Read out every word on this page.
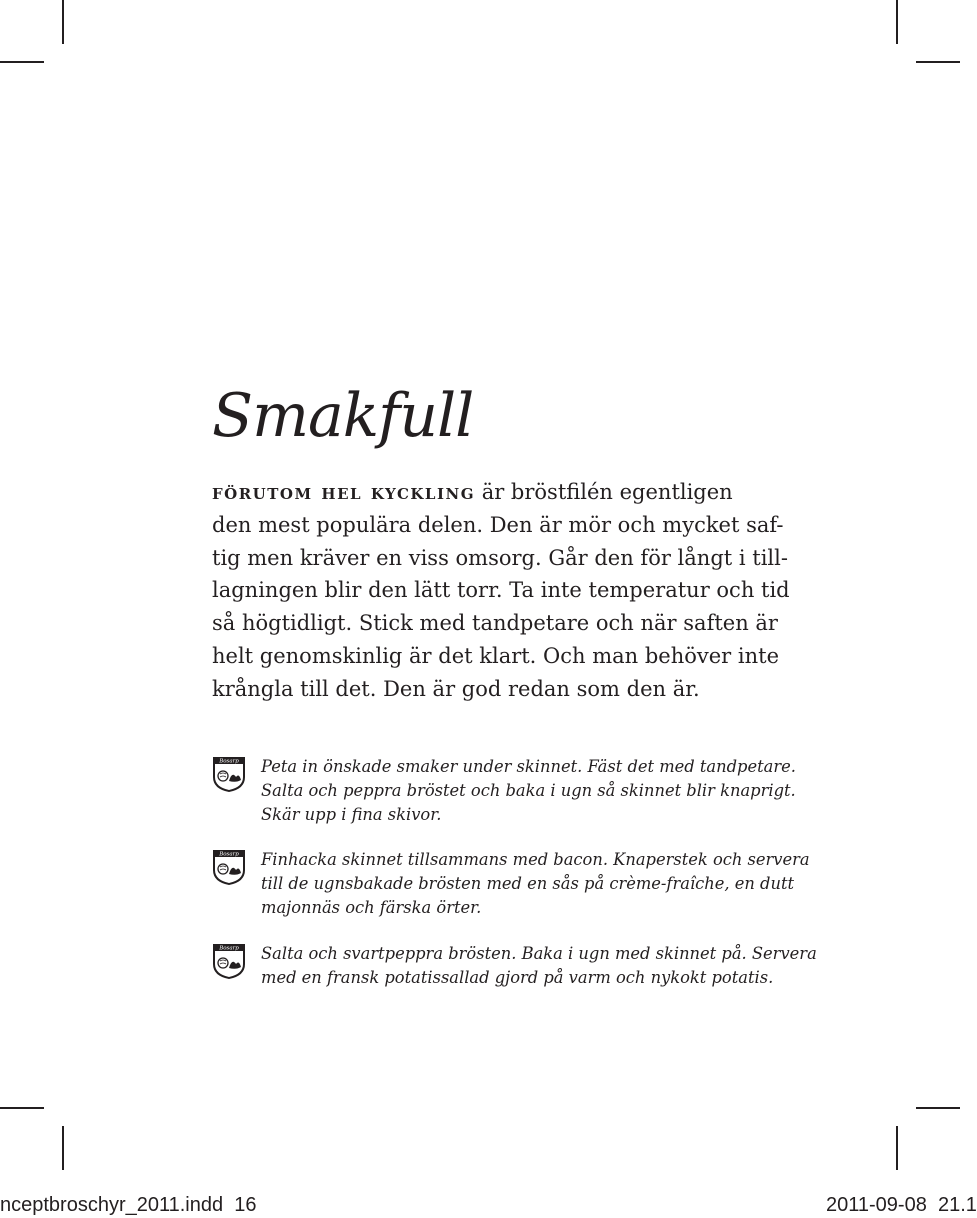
Smakfull
förutom hel kyckling är bröstfilén egentligen
den mest populära delen. Den är mör och mycket saf-
tig men kräver en viss omsorg. Går den för långt i till-
lagningen blir den lätt torr. Ta inte temperatur och tid
så högtidligt. Stick med tandpetare och när saften är
helt genomskinlig är det klart. Och man behöver inte
krångla till det. Den är god redan som den är.
Bosarp Peta in önskade smaker under skinnet. Fäst det med tandpetare.
Salta och peppra bröstet och baka i ugn så skinnet blir knaprigt.
Skär upp i fina skivor.
Bosarp Finhacka skinnet tillsammans med bacon. Knaperstek och servera
till de ugnsbakade brösten med en sås på crème-fraîche, en dutt
majonnäs och färska örter.
Bosarp Salta och svartpeppra brösten. Baka i ugn med skinnet på. Servera
med en fransk potatissallad gjord på varm och nykokt potatis.
nceptbroschyr_2011.indd 16	2011-09-08 21.1
